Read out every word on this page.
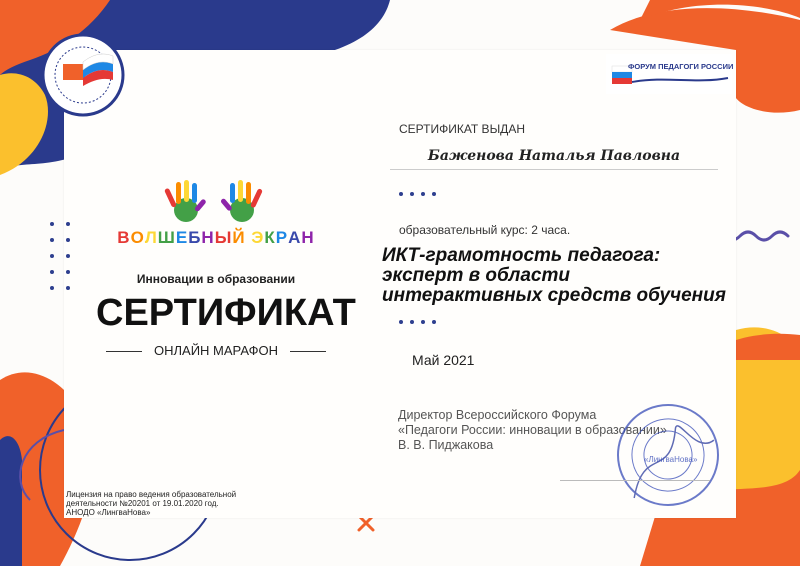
ФОРУМ ПЕДАГОГИ РОССИИ
ВОЛШЕБНЫЙ ЭКРАН
Инновации в образовании
СЕРТИФИКАТ
ОНЛАЙН МАРАФОН
СЕРТИФИКАТ ВЫДАН
Баженова Наталья Павловна
образовательный курс: 2 часа.
ИКТ-грамотность педагога:
эксперт в области
интерактивных средств обучения
Май 2021
Директор Всероссийского Форума
«Педагоги России: инновации в образовании»
В. В. Пиджакова
«ЛингваНова»
Лицензия на право ведения образовательной
деятельности №20201 от 19.01.2020 год.
АНОДО «ЛингваНова»
